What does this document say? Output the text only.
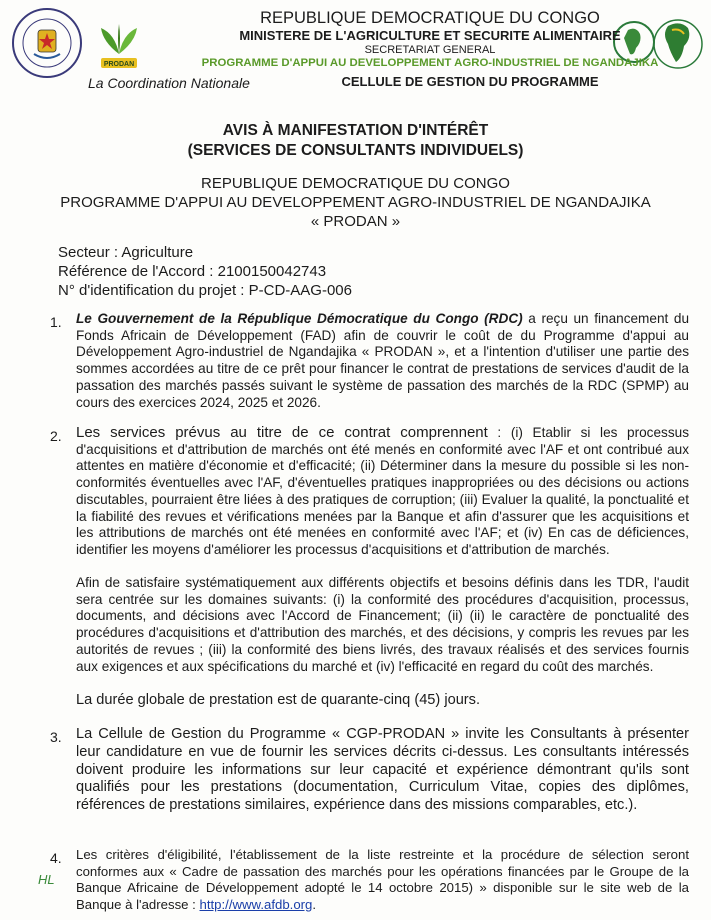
PRODAN
REPUBLIQUE DEMOCRATIQUE DU CONGO
MINISTERE DE L'AGRICULTURE ET SECURITE ALIMENTAIRE
SECRETARIAT GENERAL
PROGRAMME D'APPUI AU DEVELOPPEMENT AGRO-INDUSTRIEL DE NGANDAJIKA
La Coordination Nationale	CELLULE DE GESTION DU PROGRAMME
AVIS À MANIFESTATION D'INTÉRÊT
(SERVICES DE CONSULTANTS INDIVIDUELS)
REPUBLIQUE DEMOCRATIQUE DU CONGO
PROGRAMME D'APPUI AU DEVELOPPEMENT AGRO-INDUSTRIEL DE NGANDAJIKA
« PRODAN »
Secteur : Agriculture
Référence de l'Accord : 2100150042743
N° d'identification du projet : P-CD-AAG-006
1. Le Gouvernement de la République Démocratique du Congo (RDC) a reçu un financement du Fonds Africain de Développement (FAD) afin de couvrir le coût de du Programme d'appui au Développement Agro-industriel de Ngandajika « PRODAN », et a l'intention d'utiliser une partie des sommes accordées au titre de ce prêt pour financer le contrat de prestations de services d'audit de la passation des marchés passés suivant le système de passation des marchés de la RDC (SPMP) au cours des exercices 2024, 2025 et 2026.
2. Les services prévus au titre de ce contrat comprennent : (i) Etablir si les processus d'acquisitions et d'attribution de marchés ont été menés en conformité avec l'AF et ont contribué aux attentes en matière d'économie et d'efficacité; (ii) Déterminer dans la mesure du possible si les non-conformités éventuelles avec l'AF, d'éventuelles pratiques inappropriées ou des décisions ou actions discutables, pourraient être liées à des pratiques de corruption; (iii) Evaluer la qualité, la ponctualité et la fiabilité des revues et vérifications menées par la Banque et afin d'assurer que les acquisitions et les attributions de marchés ont été menées en conformité avec l'AF; et (iv) En cas de déficiences, identifier les moyens d'améliorer les processus d'acquisitions et d'attribution de marchés.
Afin de satisfaire systématiquement aux différents objectifs et besoins définis dans les TDR, l'audit sera centrée sur les domaines suivants: (i) la conformité des procédures d'acquisition, processus, documents, and décisions avec l'Accord de Financement; (ii) (ii) le caractère de ponctualité des procédures d'acquisitions et d'attribution des marchés, et des décisions, y compris les revues par les autorités de revues ; (iii) la conformité des biens livrés, des travaux réalisés et des services fournis aux exigences et aux spécifications du marché et (iv) l'efficacité en regard du coût des marchés.
La durée globale de prestation est de quarante-cinq (45) jours.
3. La Cellule de Gestion du Programme « CGP-PRODAN » invite les Consultants à présenter leur candidature en vue de fournir les services décrits ci-dessus. Les consultants intéressés doivent produire les informations sur leur capacité et expérience démontrant qu'ils sont qualifiés pour les prestations (documentation, Curriculum Vitae, copies des diplômes, références de prestations similaires, expérience dans des missions comparables, etc.).
4. Les critères d'éligibilité, l'établissement de la liste restreinte et la procédure de sélection seront conformes aux « Cadre de passation des marchés pour les opérations financées par le Groupe de la Banque Africaine de Développement adopté le 14 octobre 2015) » disponible sur le site web de la Banque à l'adresse : http://www.afdb.org.
HL
